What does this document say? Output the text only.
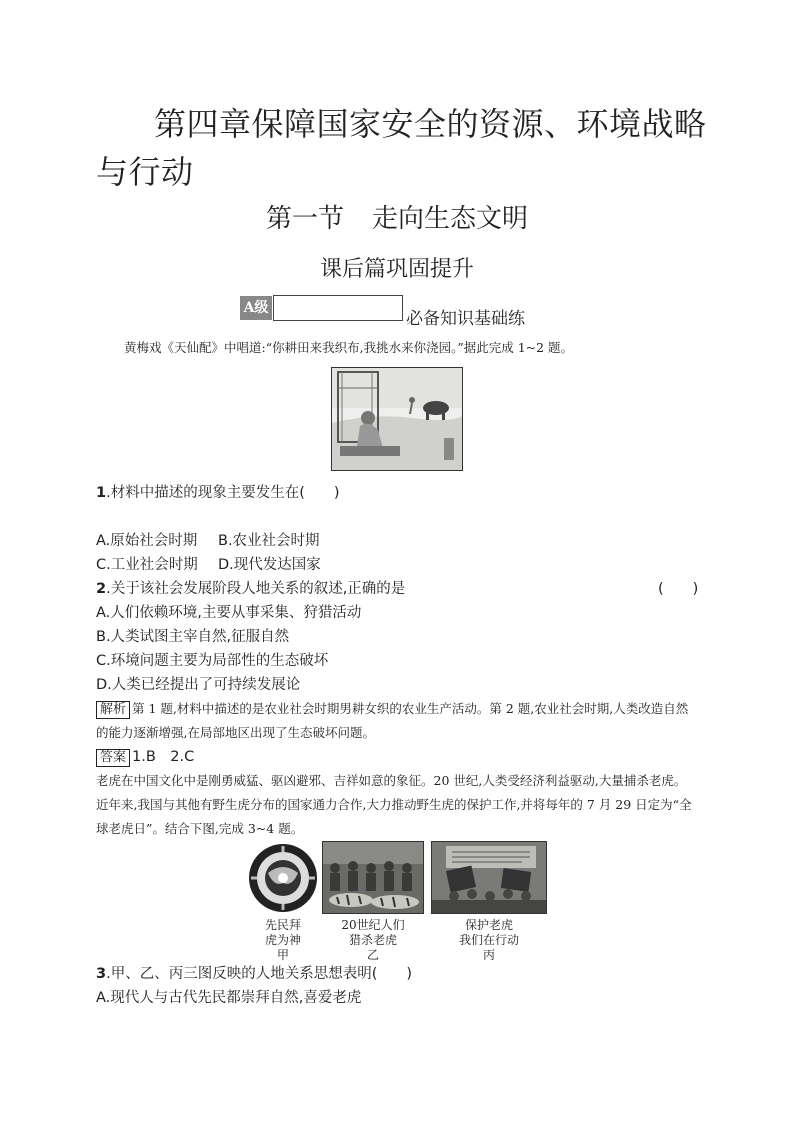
第四章保障国家安全的资源、环境战略与行动
第一节 走向生态文明
课后篇巩固提升
A级
必备知识基础练
黄梅戏《天仙配》中唱道:“你耕田来我织布,我挑水来你浇园。”据此完成 1~2 题。
1.材料中描述的现象主要发生在(　　)
A.原始社会时期 B.农业社会时期
C.工业社会时期 D.现代发达国家
2.关于该社会发展阶段人地关系的叙述,正确的是	(　　)
A.人们依赖环境,主要从事采集、狩猎活动
B.人类试图主宰自然,征服自然
C.环境问题主要为局部性的生态破坏
D.人类已经提出了可持续发展论
解析 第 1 题,材料中描述的是农业社会时期男耕女织的农业生产活动。第 2 题,农业社会时期,人类改造自然的能力逐渐增强,在局部地区出现了生态破坏问题。
答案 1.B　2.C
老虎在中国文化中是刚勇威猛、驱凶避邪、吉祥如意的象征。20 世纪,人类受经济利益驱动,大量捕杀老虎。近年来,我国与其他有野生虎分布的国家通力合作,大力推动野生虎的保护工作,并将每年的 7 月 29 日定为“全球老虎日”。结合下图,完成 3~4 题。
先民拜
虎为神
甲
20世纪人们
猎杀老虎
乙
保护老虎
我们在行动
丙
3.甲、乙、丙三图反映的人地关系思想表明(　　)
A.现代人与古代先民都崇拜自然,喜爱老虎
